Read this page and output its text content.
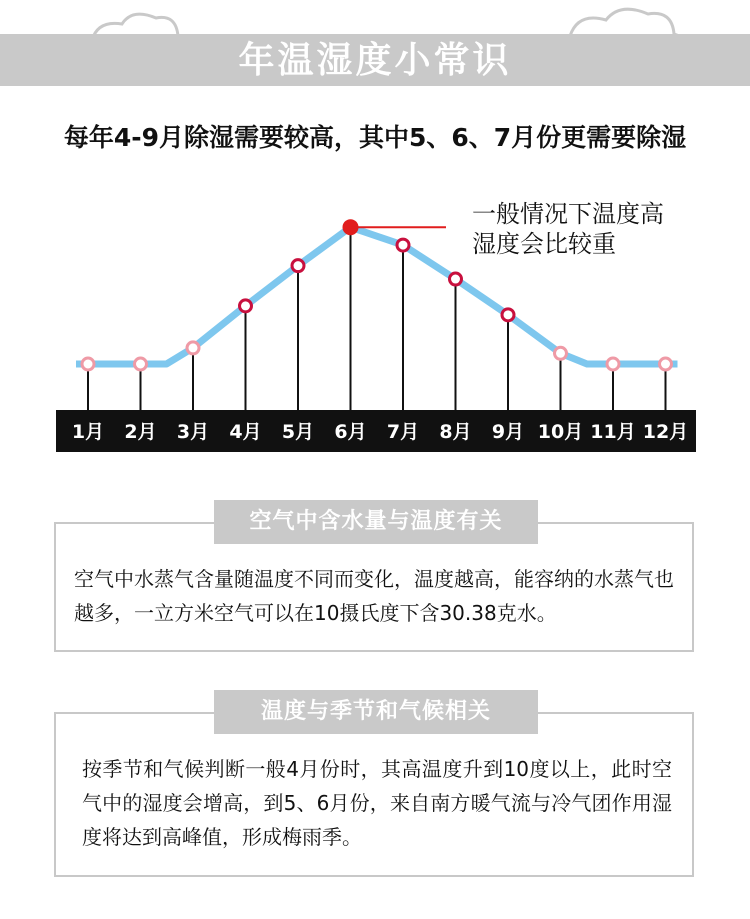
年温湿度小常识
每年4-9月除湿需要较高，其中5、6、7月份更需要除湿
1月 2月 3月 4月 5月 6月 7月 8月 9月 10月 11月 12月
一般情况下温度高
湿度会比较重
空气中含水量与温度有关
空气中水蒸气含量随温度不同而变化，温度越高，能容纳的水蒸气也越多，一立方米空气可以在10摄氏度下含30.38克水。
温度与季节和气候相关
按季节和气候判断一般4月份时，其高温度升到10度以上，此时空气中的湿度会增高，到5、6月份，来自南方暖气流与冷气团作用湿度将达到高峰值，形成梅雨季。
